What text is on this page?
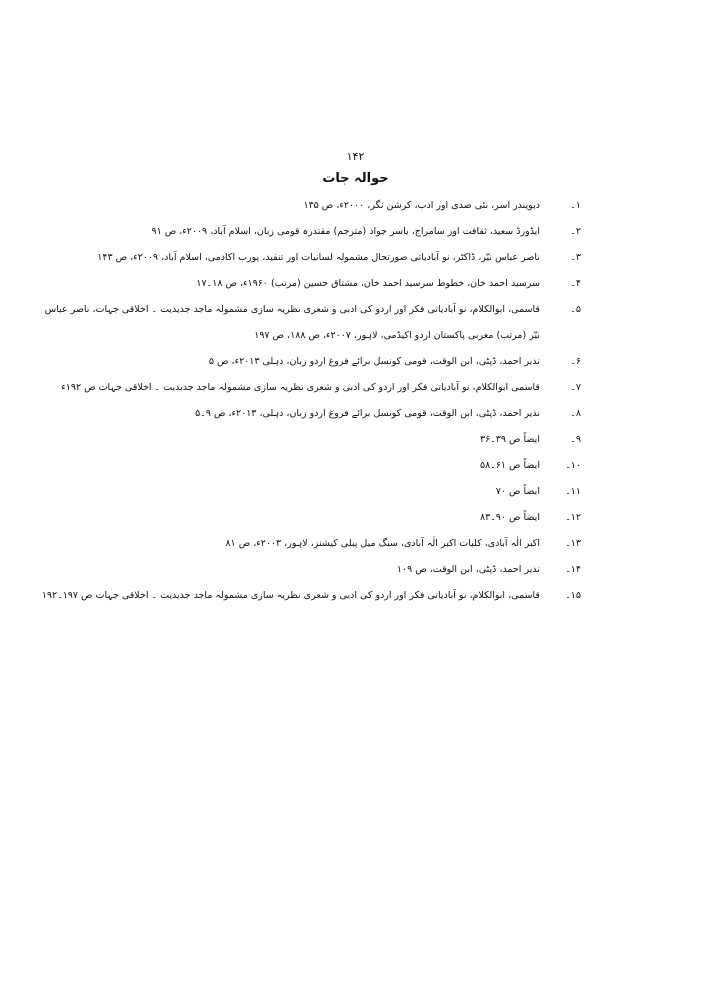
۱۴۲
حوالہ جات
۱۔ دیویندر اسر، نئی صدی اور ادب، کرشن نگر، ۲۰۰۰ء، ص ۱۳۵
۲۔ ایڈورڈ سعید، ثقافت اور سامراج، یاسر جواد (مترجم) مقتدرہ قومی زبان، اسلام آباد، ۲۰۰۹ء، ص ۹۱
۳۔ ناصر عباس نیّر، ڈاکٹر، نو آبادیاتی صورتحال مشمولہ لسانیات اور تنقید، پورب اکادمی، اسلام آباد، ۲۰۰۹ء، ص ۱۴۳
۴۔ سرسید احمد خان، خطوط سرسید احمد خان، مشتاق حسین (مرتب) ۱۹۶۰ء، ص ۱۸۔۱۷
۵۔ قاسمی، ابوالکلام، نو آبادیاتی فکر اور اردو کی ادبی و شعری نظریہ سازی مشمولہ ماجد جدیدیت ۔ اخلاقی جہات، ناصر عباس نیّر (مرتب) مغربی پاکستان اردو اکیڈمی، لاہور، ۲۰۰۷ء، ص ۱۸۸، ص ۱۹۷
۶۔ نذیر احمد، ڈپٹی، ابن الوقت، قومی کونسل برائے فروغ اردو زبان، دہلی ۲۰۱۳ء، ص ۵
۷۔ قاسمی ابوالکلام، نو آبادیاتی فکر اور اردو کی ادبی و شعری نظریہ سازی مشمولہ ماجد جدیدیت ۔ اخلاقی جہات ص ۱۹۲ء
۸۔ نذیر احمد، ڈپٹی، ابن الوقت، قومی کونسل برائے فروغ اردو زبان، دہلی، ۲۰۱۳ء، ص ۹۔۵
۹۔ ایضاً ص ۳۹۔۳۶
۱۰۔ ایضاً ص ۶۱۔۵۸
۱۱۔ ایضاً ص ۷۰
۱۲۔ ایضاً ص ۹۰۔۸۳
۱۳۔ اکبر الٰہ آبادی، کلیات اکبر الٰہ آبادی، سنگ میل پبلی کیشنز، لاہور، ۲۰۰۳ء، ص ۸۱
۱۴۔ نذیر احمد، ڈپٹی، ابن الوقت، ص ۱۰۹
۱۵۔ قاسمی، ابوالکلام، نو آبادیاتی فکر اور اردو کی ادبی و شعری نظریہ سازی مشمولہ ماجد جدیدیت ۔ اخلاقی جہات ص ۱۹۷۔۱۹۲
